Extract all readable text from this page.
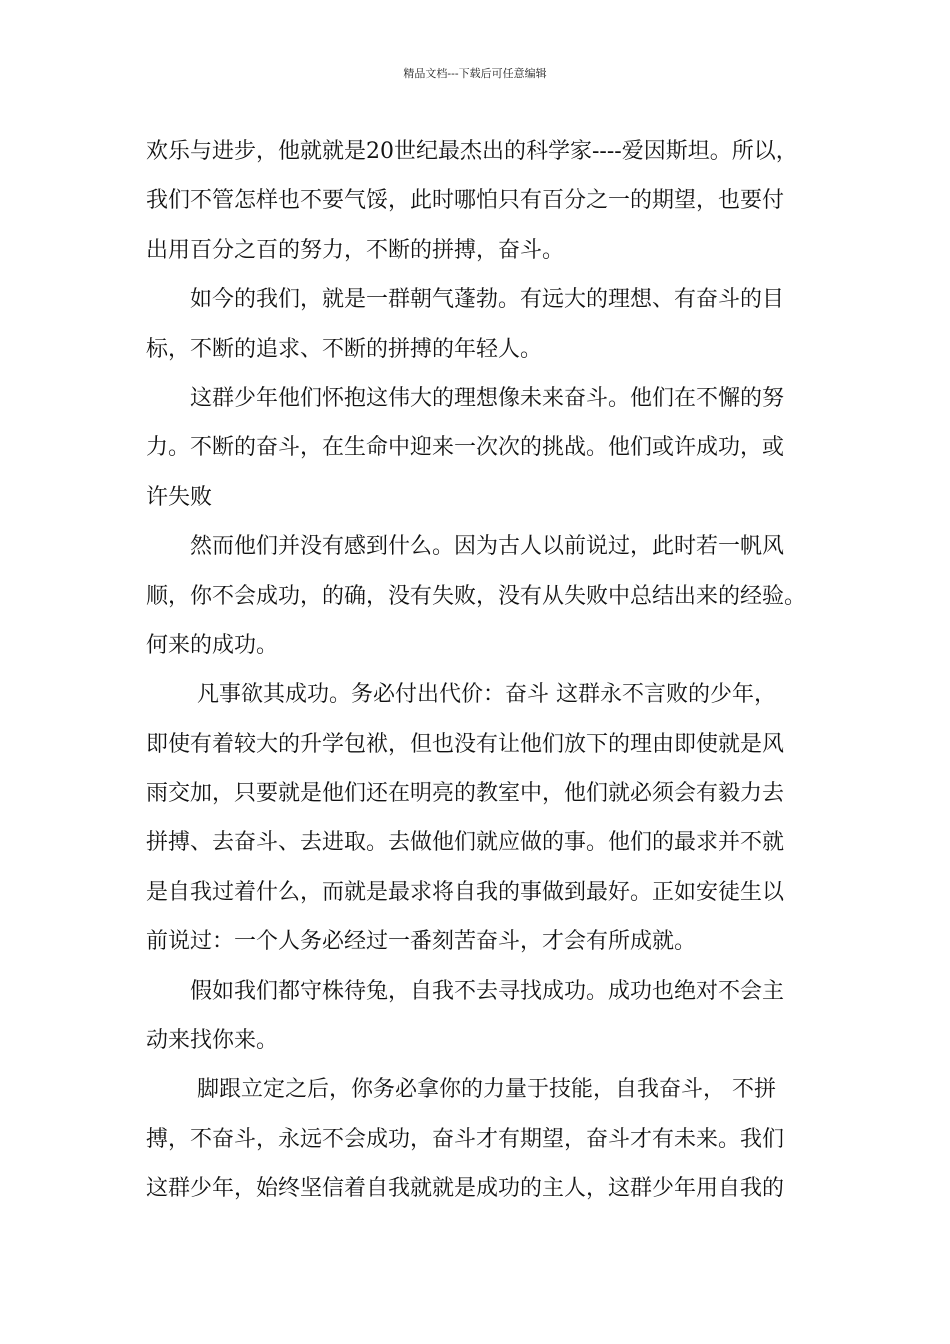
精品文档---下载后可任意编辑
欢乐与进步，他就就是20世纪最杰出的科学家----爱因斯坦。所以，
我们不管怎样也不要气馁，此时哪怕只有百分之一的期望，也要付
出用百分之百的努力，不断的拼搏，奋斗。
　　如今的我们，就是一群朝气蓬勃。有远大的理想、有奋斗的目
标，不断的追求、不断的拼搏的年轻人。
　　这群少年他们怀抱这伟大的理想像未来奋斗。他们在不懈的努
力。不断的奋斗，在生命中迎来一次次的挑战。他们或许成功，或
许失败
　　然而他们并没有感到什么。因为古人以前说过，此时若一帆风
顺，你不会成功，的确，没有失败，没有从失败中总结出来的经验。
何来的成功。
　　 凡事欲其成功。务必付出代价：奋斗 这群永不言败的少年，
即使有着较大的升学包袱，但也没有让他们放下的理由即使就是风
雨交加，只要就是他们还在明亮的教室中，他们就必须会有毅力去
拼搏、去奋斗、去进取。去做他们就应做的事。他们的最求并不就
是自我过着什么，而就是最求将自我的事做到最好。正如安徒生以
前说过：一个人务必经过一番刻苦奋斗，才会有所成就。
　　假如我们都守株待兔，自我不去寻找成功。成功也绝对不会主
动来找你来。
　　 脚跟立定之后，你务必拿你的力量于技能，自我奋斗， 不拼
搏，不奋斗，永远不会成功，奋斗才有期望，奋斗才有未来。我们
这群少年，始终坚信着自我就就是成功的主人，这群少年用自我的
